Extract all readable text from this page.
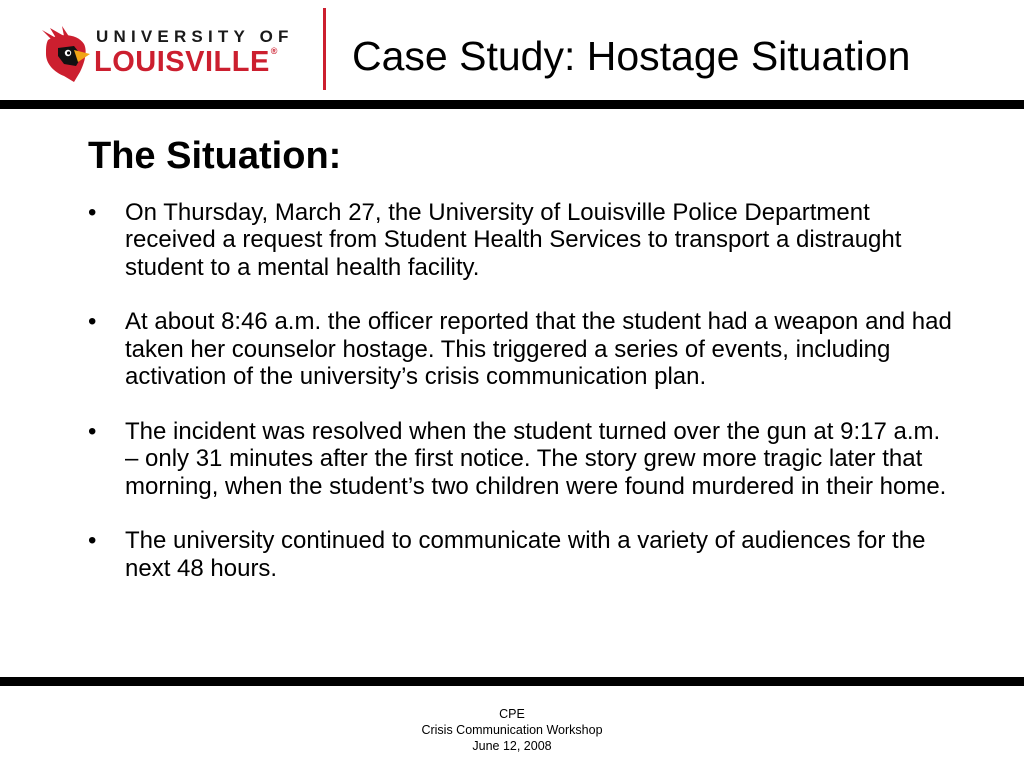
UNIVERSITY OF
LOUISVILLE® Case Study: Hostage Situation
The Situation:
• On Thursday, March 27, the University of Louisville Police Department received a request from Student Health Services to transport a distraught student to a mental health facility.
• At about 8:46 a.m. the officer reported that the student had a weapon and had taken her counselor hostage. This triggered a series of events, including activation of the university’s crisis communication plan.
• The incident was resolved when the student turned over the gun at 9:17 a.m. – only 31 minutes after the first notice. The story grew more tragic later that morning, when the student’s two children were found murdered in their home.
• The university continued to communicate with a variety of audiences for the next 48 hours.
CPE
Crisis Communication Workshop
June 12, 2008
